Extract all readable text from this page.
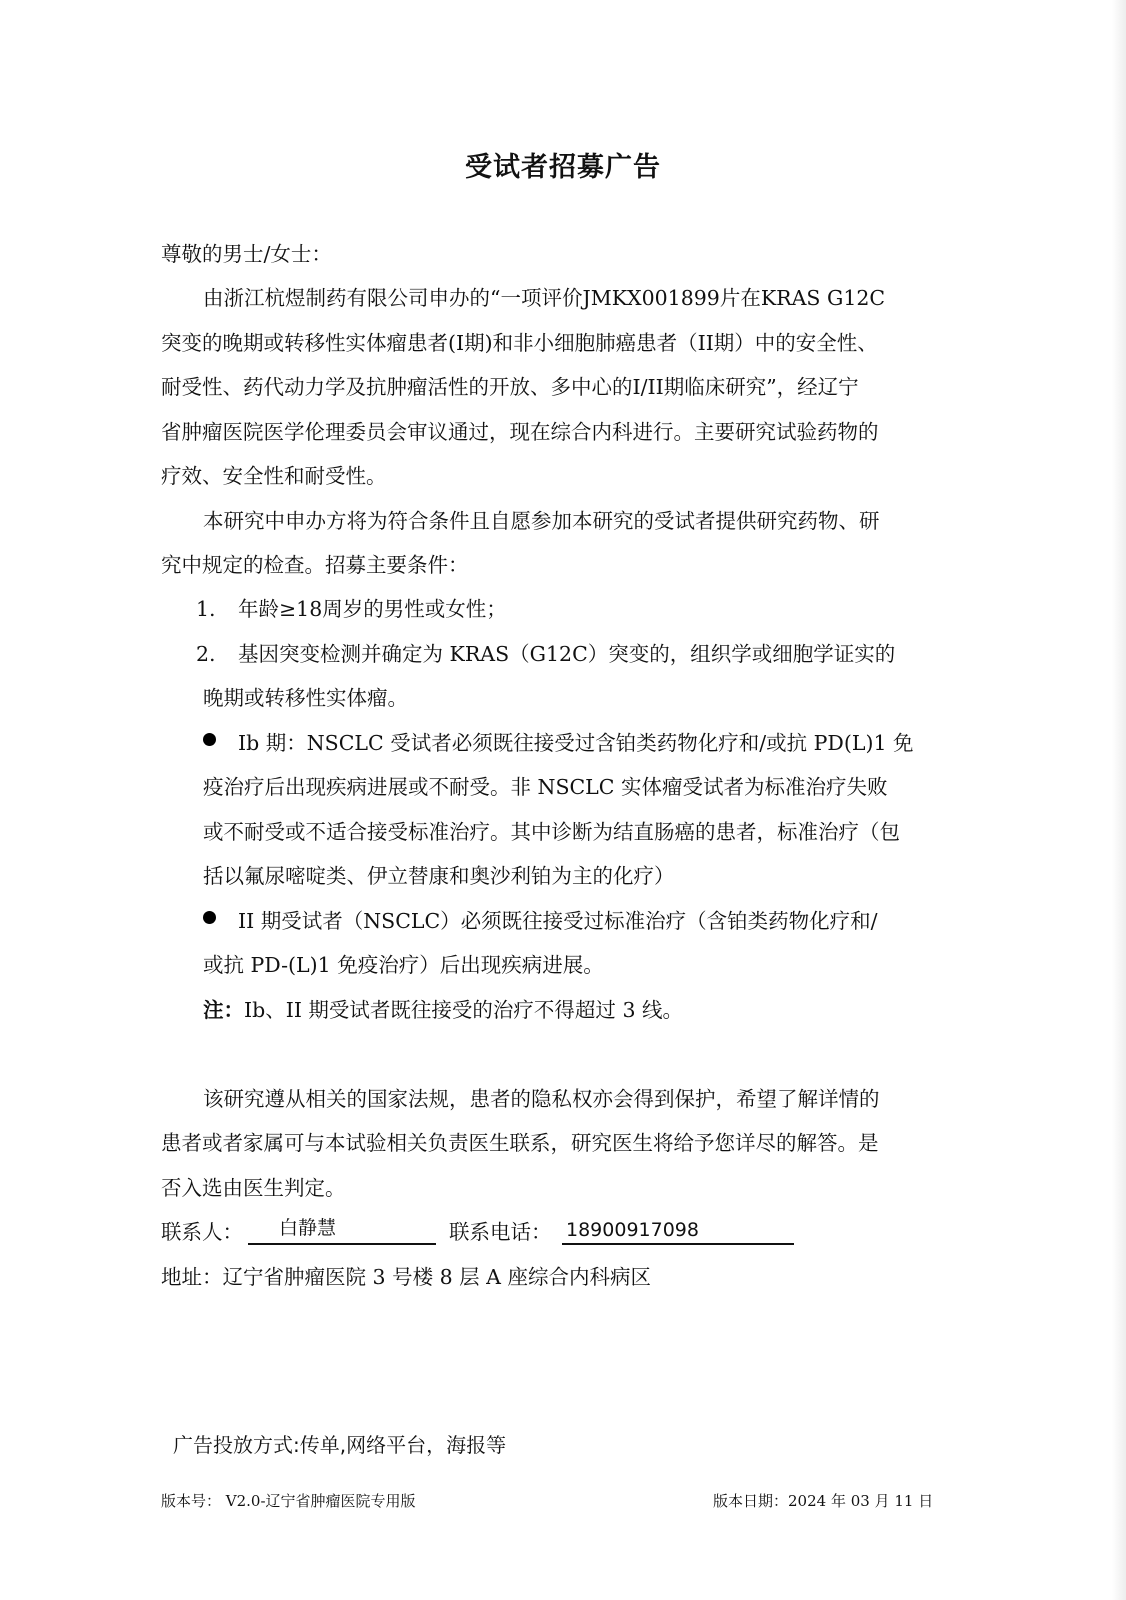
受试者招募广告
尊敬的男士/女士：
由浙江杭煜制药有限公司申办的“一项评价JMKX001899片在KRAS G12C
突变的晚期或转移性实体瘤患者(I期)和非小细胞肺癌患者（II期）中的安全性、
耐受性、药代动力学及抗肿瘤活性的开放、多中心的I/II期临床研究”，经辽宁
省肿瘤医院医学伦理委员会审议通过，现在综合内科进行。主要研究试验药物的
疗效、安全性和耐受性。
本研究中申办方将为符合条件且自愿参加本研究的受试者提供研究药物、研
究中规定的检查。招募主要条件：
1. 年龄≥18周岁的男性或女性；
2. 基因突变检测并确定为 KRAS（G12C）突变的，组织学或细胞学证实的
晚期或转移性实体瘤。
Ib 期：NSCLC 受试者必须既往接受过含铂类药物化疗和/或抗 PD(L)1 免
疫治疗后出现疾病进展或不耐受。非 NSCLC 实体瘤受试者为标准治疗失败
或不耐受或不适合接受标准治疗。其中诊断为结直肠癌的患者，标准治疗（包
括以氟尿嘧啶类、伊立替康和奥沙利铂为主的化疗）
II 期受试者（NSCLC）必须既往接受过标准治疗（含铂类药物化疗和/
或抗 PD-(L)1 免疫治疗）后出现疾病进展。
注：Ib、II 期受试者既往接受的治疗不得超过 3 线。
该研究遵从相关的国家法规，患者的隐私权亦会得到保护，希望了解详情的
患者或者家属可与本试验相关负责医生联系，研究医生将给予您详尽的解答。是
否入选由医生判定。
联系人： 白静慧	联系电话： 18900917098
地址：辽宁省肿瘤医院 3 号楼 8 层 A 座综合内科病区
广告投放方式:传单,网络平台，海报等
版本号： V2.0-辽宁省肿瘤医院专用版	版本日期：2024 年 03 月 11 日
